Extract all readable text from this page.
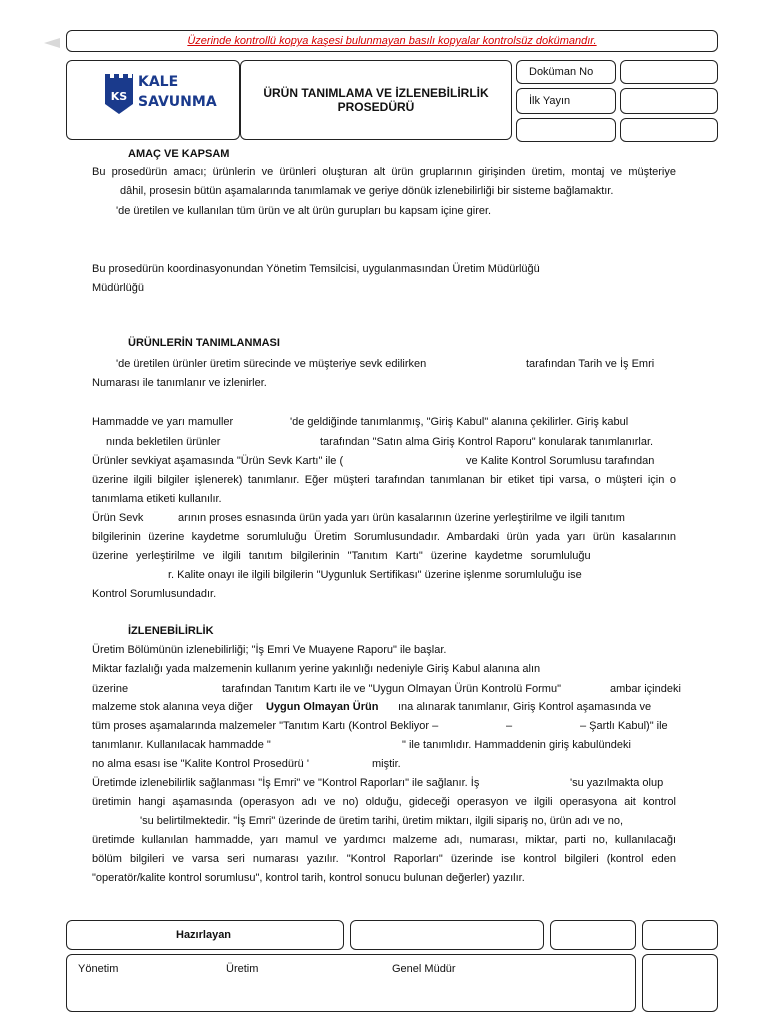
Üzerinde kontrollü kopya kaşesi bulunmayan basılı kopyalar kontrolsüz dokümandır.
KS
KALE
SAVUNMA
ÜRÜN TANIMLAMA VE İZLENEBİLİRLİK
PROSEDÜRÜ
Doküman No
İlk Yayın
AMAÇ VE KAPSAM
Bu prosedürün amacı; ürünlerin ve ürünleri oluşturan alt ürün gruplarının girişinden üretim, montaj ve müşteriye
dâhil, prosesin bütün aşamalarında tanımlamak ve geriye dönük izlenebilirliği bir sisteme bağlamaktır.
'de üretilen ve kullanılan tüm ürün ve alt ürün gurupları bu kapsam içine girer.
Bu prosedürün koordinasyonundan Yönetim Temsilcisi, uygulanmasından Üretim Müdürlüğü
Müdürlüğü
ÜRÜNLERİN TANIMLANMASI
'de üretilen ürünler üretim sürecinde ve müşteriye sevk edilirken	tarafından Tarih ve İş Emri
Numarası ile tanımlanır ve izlenirler.
Hammadde ve yarı mamuller	'de geldiğinde tanımlanmış, "Giriş Kabul" alanına çekilirler. Giriş kabul
nında bekletilen ürünler	tarafından "Satın alma Giriş Kontrol Raporu" konularak tanımlanırlar.
Ürünler sevkiyat aşamasında "Ürün Sevk Kartı" ile (	ve Kalite Kontrol Sorumlusu tarafından
üzerine ilgili bilgiler işlenerek) tanımlanır. Eğer müşteri tarafından tanımlanan bir etiket tipi varsa, o müşteri için o
tanımlama etiketi kullanılır.
Ürün Sevk	arının proses esnasında ürün yada yarı ürün kasalarının üzerine yerleştirilme ve ilgili tanıtım
bilgilerinin üzerine kaydetme sorumluluğu Üretim Sorumlusundadır. Ambardaki ürün yada yarı ürün kasalarının
üzerine yerleştirilme ve ilgili tanıtım bilgilerinin "Tanıtım Kartı" üzerine kaydetme sorumluluğu
r. Kalite onayı ile ilgili bilgilerin "Uygunluk Sertifikası" üzerine işlenme sorumluluğu ise
Kontrol Sorumlusundadır.
İZLENEBİLİRLİK
Üretim Bölümünün izlenebilirliği; "İş Emri Ve Muayene Raporu" ile başlar.
Miktar fazlalığı yada malzemenin kullanım yerine yakınlığı nedeniyle Giriş Kabul alanına alın
üzerine	tarafından Tanıtım Kartı ile ve "Uygun Olmayan Ürün Kontrolü Formu"	ambar içindeki
malzeme stok alanına veya diğer Uygun Olmayan Ürün ına alınarak tanımlanır, Giriş Kontrol aşamasında ve
tüm proses aşamalarında malzemeler "Tanıtım Kartı (Kontrol Bekliyor –	–	– Şartlı Kabul)" ile
tanımlanır. Kullanılacak hammadde "	" ile tanımlıdır. Hammaddenin giriş kabulündeki
no alma esası ise "Kalite Kontrol Prosedürü '	miştir.
Üretimde izlenebilirlik sağlanması "İş Emri" ve "Kontrol Raporları" ile sağlanır. İş	'su yazılmakta olup
üretimin hangi aşamasında (operasyon adı ve no) olduğu, gideceği operasyon ve ilgili operasyona ait kontrol
'su belirtilmektedir. "İş Emri" üzerinde de üretim tarihi, üretim miktarı, ilgili sipariş no, ürün adı ve no,
üretimde kullanılan hammadde, yarı mamul ve yardımcı malzeme adı, numarası, miktar, parti no, kullanılacağı
bölüm bilgileri ve varsa seri numarası yazılır. "Kontrol Raporları" üzerinde ise kontrol bilgileri (kontrol eden
"operatör/kalite kontrol sorumlusu", kontrol tarih, kontrol sonucu bulunan değerler) yazılır.
Hazırlayan
Yönetim	Üretim	Genel Müdür
